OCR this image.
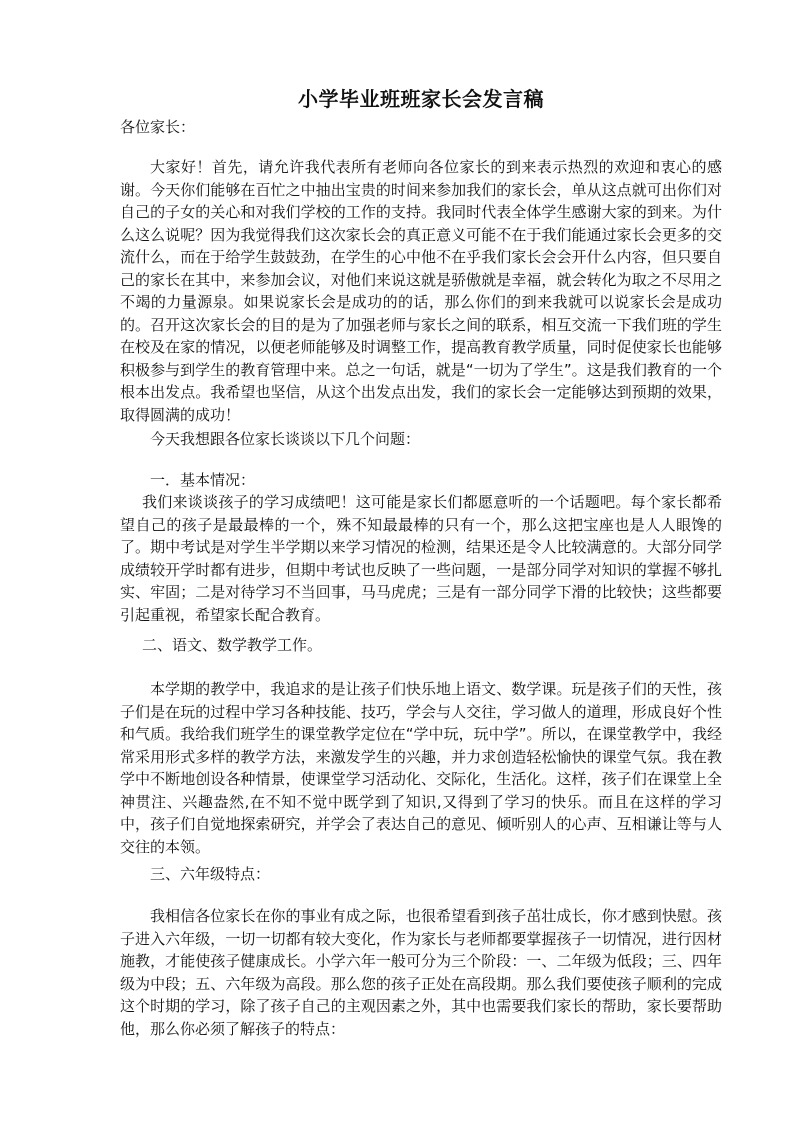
小学毕业班班家长会发言稿

各位家长：

大家好！首先，请允许我代表所有老师向各位家长的到来表示热烈的欢迎和衷心的感谢。今天你们能够在百忙之中抽出宝贵的时间来参加我们的家长会，单从这点就可出你们对自己的子女的关心和对我们学校的工作的支持。我同时代表全体学生感谢大家的到来。为什么这么说呢？因为我觉得我们这次家长会的真正意义可能不在于我们能通过家长会更多的交流什么，而在于给学生鼓鼓劲，在学生的心中他不在乎我们家长会会开什么内容，但只要自己的家长在其中，来参加会议，对他们来说这就是骄傲就是幸福，就会转化为取之不尽用之不竭的力量源泉。如果说家长会是成功的的话，那么你们的到来我就可以说家长会是成功的。召开这次家长会的目的是为了加强老师与家长之间的联系，相互交流一下我们班的学生在校及在家的情况，以便老师能够及时调整工作，提高教育教学质量，同时促使家长也能够积极参与到学生的教育管理中来。总之一句话，就是“一切为了学生”。这是我们教育的一个根本出发点。我希望也坚信，从这个出发点出发，我们的家长会一定能够达到预期的效果，取得圆满的成功！

今天我想跟各位家长谈谈以下几个问题：

一．基本情况：

我们来谈谈孩子的学习成绩吧！这可能是家长们都愿意听的一个话题吧。每个家长都希望自己的孩子是最最棒的一个，殊不知最最棒的只有一个，那么这把宝座也是人人眼馋的了。期中考试是对学生半学期以来学习情况的检测，结果还是令人比较满意的。大部分同学成绩较开学时都有进步，但期中考试也反映了一些问题，一是部分同学对知识的掌握不够扎实、牢固；二是对待学习不当回事，马马虎虎；三是有一部分同学下滑的比较快；这些都要引起重视，希望家长配合教育。

二、语文、数学教学工作。

本学期的教学中，我追求的是让孩子们快乐地上语文、数学课。玩是孩子们的天性，孩子们是在玩的过程中学习各种技能、技巧，学会与人交往，学习做人的道理，形成良好个性和气质。我给我们班学生的课堂教学定位在“学中玩，玩中学”。所以，在课堂教学中，我经常采用形式多样的教学方法，来激发学生的兴趣，并力求创造轻松愉快的课堂气氛。我在教学中不断地创设各种情景，使课堂学习活动化、交际化，生活化。这样，孩子们在课堂上全神贯注、兴趣盎然,在不知不觉中既学到了知识,又得到了学习的快乐。而且在这样的学习中，孩子们自觉地探索研究，并学会了表达自己的意见、倾听别人的心声、互相谦让等与人交往的本领。

三、六年级特点：

我相信各位家长在你的事业有成之际，也很希望看到孩子茁壮成长，你才感到快慰。孩子进入六年级，一切一切都有较大变化，作为家长与老师都要掌握孩子一切情况，进行因材施教，才能使孩子健康成长。小学六年一般可分为三个阶段：一、二年级为低段；三、四年级为中段；五、六年级为高段。那么您的孩子正处在高段期。那么我们要使孩子顺利的完成这个时期的学习，除了孩子自己的主观因素之外，其中也需要我们家长的帮助，家长要帮助他，那么你必须了解孩子的特点：
